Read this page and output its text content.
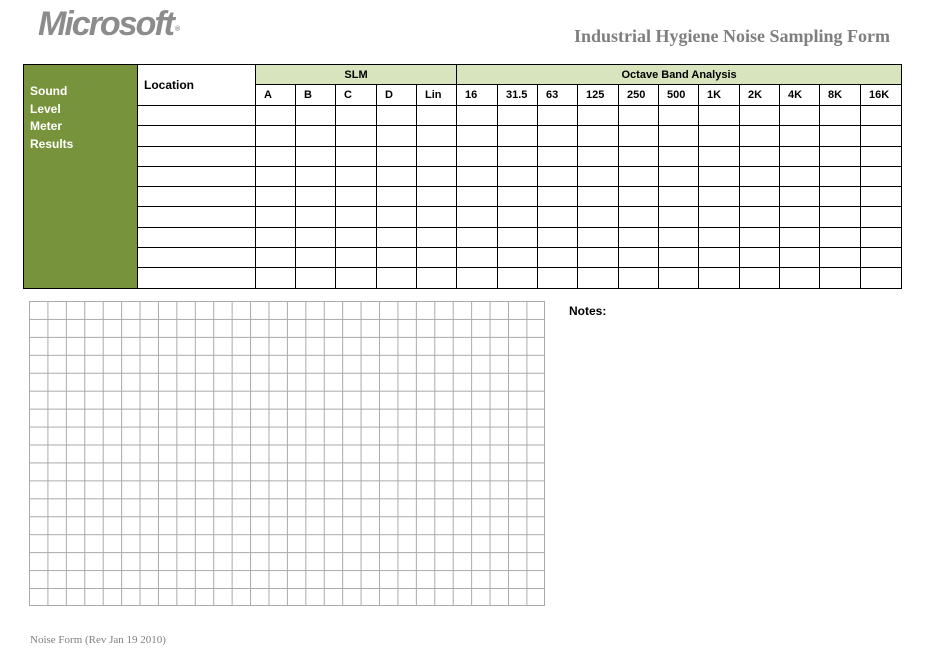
Microsoft ®	Industrial Hygiene Noise Sampling Form
Sound
Level
Meter
Results	Location	SLM					Octave Band Analysis										
		A	B	C	D	Lin	16	31.5	63	125	250	500	1K	2K	4K	8K	16K

Notes:
Noise Form (Rev Jan 19 2010)
